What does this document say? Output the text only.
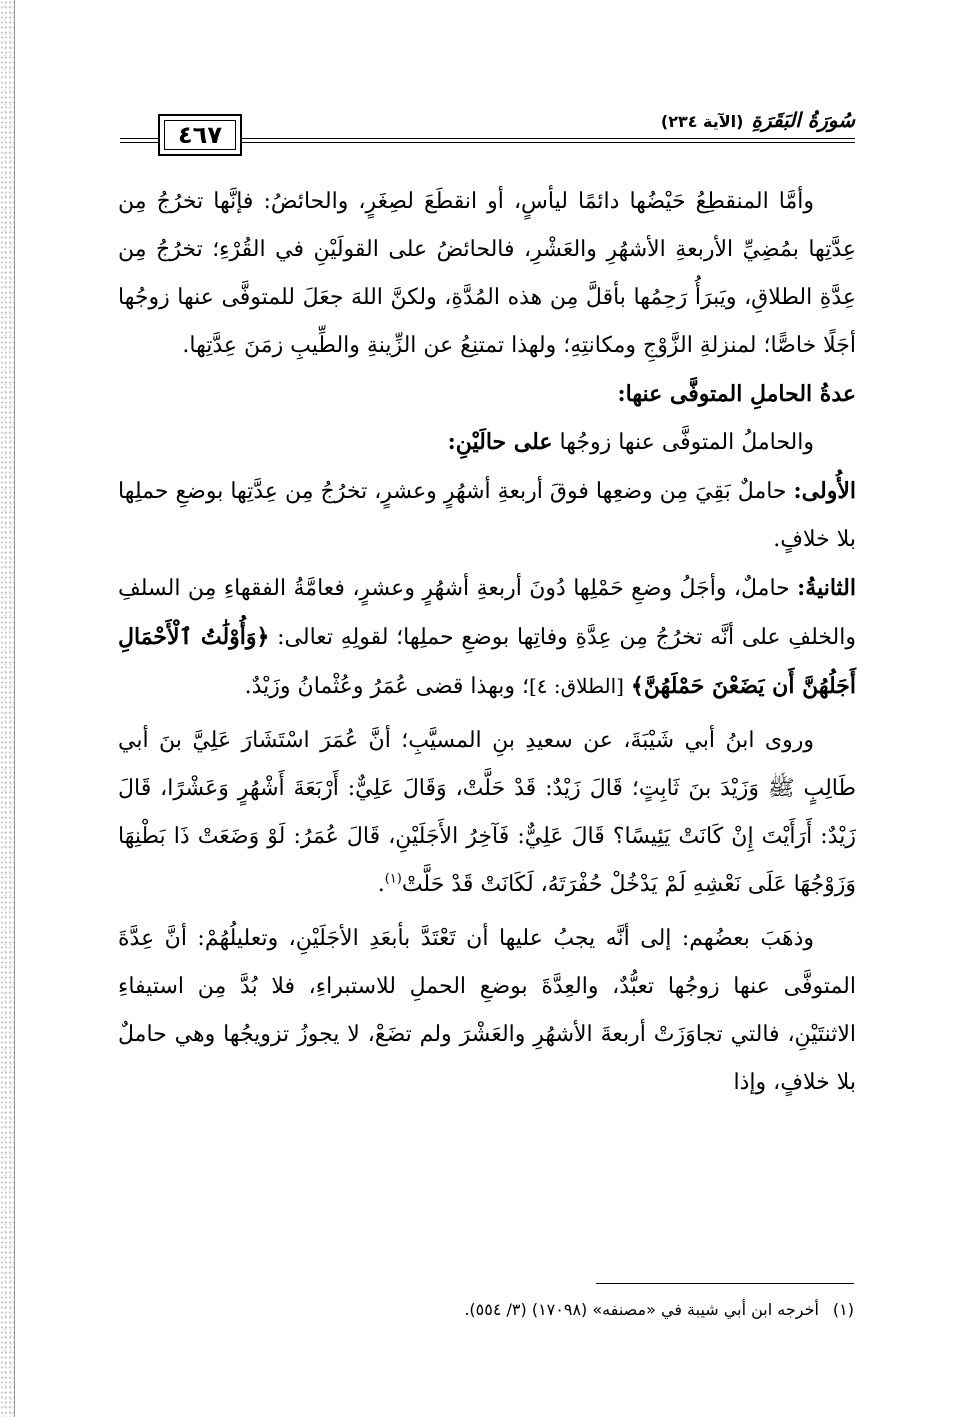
٤٦٧
سُورَةُ البَقَرَةِ(الآية ٢٣٤)

وأمَّا المنقطِعُ حَيْضُها دائمًا ليأسٍ، أو انقطَعَ لصِغَرٍ، والحائضُ: فإنَّها تخرُجُ مِن عِدَّتِها بمُضِيِّ الأربعةِ الأشهُرِ والعَشْرِ، فالحائضُ على القولَيْنِ في القُرْءِ؛ تخرُجُ مِن عِدَّةِ الطلاقِ، ويَبرَأُ رَحِمُها بأقلَّ مِن هذه المُدَّةِ، ولكنَّ اللهَ جعَلَ للمتوفَّى عنها زوجُها أجَلًا خاصًّا؛ لمنزلةِ الزَّوْجِ ومكانتِهِ؛ ولهذا تمتنِعُ عن الزِّينةِ والطِّيبِ زمَنَ عِدَّتِها.

عدةُ الحاملِ المتوفَّى عنها:

والحاملُ المتوفَّى عنها زوجُها على حالَيْنِ:

الأُولى: حاملٌ بَقِيَ مِن وضعِها فوقَ أربعةِ أشهُرٍ وعشرٍ، تخرُجُ مِن عِدَّتِها بوضعِ حملِها بلا خلافٍ.

الثانيةُ: حاملٌ، وأجَلُ وضعِ حَمْلِها دُونَ أربعةِ أشهُرٍ وعشرٍ، فعامَّةُ الفقهاءِ مِن السلفِ والخلفِ على أنَّه تخرُجُ مِن عِدَّةِ وفاتِها بوضعِ حملِها؛ لقولِهِ تعالى: ﴿وَأُوْلَٰتُ ٱلْأَحْمَالِ أَجَلُهُنَّ أَن يَضَعْنَ حَمْلَهُنَّ﴾ [الطلاق: ٤]؛ وبهذا قضى عُمَرُ وعُثْمانُ وزَيْدٌ.

وروى ابنُ أبي شَيْبَةَ، عن سعيدِ بنِ المسيَّبِ؛ أنَّ عُمَرَ اسْتَشَارَ عَلِيَّ بنَ أبي طَالِبٍ ﷺ وَزَيْدَ بنَ ثَابِتٍ؛ قَالَ زَيْدٌ: قَدْ حَلَّتْ، وَقَالَ عَلِيٌّ: أَرْبَعَةَ أَشْهُرٍ وَعَشْرًا، قَالَ زَيْدٌ: أَرَأَيْتَ إِنْ كَانَتْ يَئِيسًا؟ قَالَ عَلِيٌّ: فَآخِرُ الأَجَلَيْنِ، قَالَ عُمَرُ: لَوْ وَضَعَتْ ذَا بَطْنِهَا وَزَوْجُهَا عَلَى نَعْشِهِ لَمْ يَدْخُلْ حُفْرَتَهُ، لَكَانَتْ قَدْ حَلَّتْ$^{(١)}$.

وذهَبَ بعضُهم: إلى أنَّه يجبُ عليها أن تَعْتَدَّ بأبعَدِ الأجَلَيْنِ، وتعليلُهُمْ: أنَّ عِدَّةَ المتوفَّى عنها زوجُها تعبُّدٌ، والعِدَّةَ بوضعِ الحملِ للاستبراءِ، فلا بُدَّ مِن استيفاءِ الاثنتَيْنِ، فالتي تجاوَزَتْ أربعةَ الأشهُرِ والعَشْرَ ولم تضَعْ، لا يجوزُ تزويجُها وهي حاملٌ بلا خلافٍ، وإذا

(١)أخرجه ابن أبي شيبة في «مصنفه» (١٧٠٩٨) (٣/ ٥٥٤).
